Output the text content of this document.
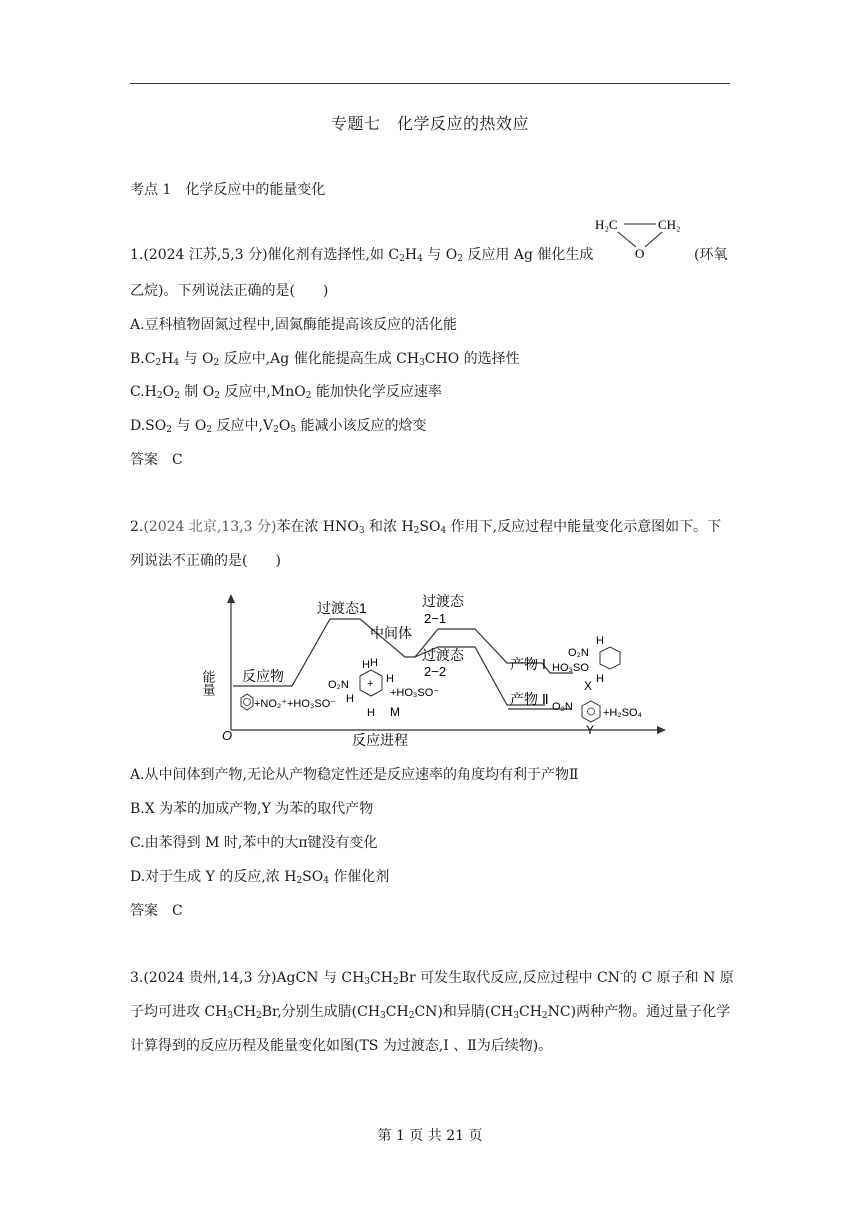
专题七　化学反应的热效应
考点 1　化学反应中的能量变化
1.(2024 江苏,5,3 分)催化剂有选择性,如 $C_2H_4$ 与 $O_2$ 反应用 Ag 催化生成	(环氧
H₂C	CH₂
O
乙烷)。下列说法正确的是(　　)
A.豆科植物固氮过程中,固氮酶能提高该反应的活化能
$B.C_2H_4$ 与 $O_2$ 反应中,Ag 催化能提高生成 $CH_3CHO$ 的选择性
$C.H_2O_2$ 制 $O_2$ 反应中,MnO$_2$ 能加快化学反应速率
$D.SO_2$ 与 $O_2$ 反应中$,V_2O_5$ 能减小该反应的焓变
答案　C
2.(2024 北京,13,3 分)苯在浓 $HNO_3$ 和浓 $H_2SO_4$ 作用下,反应过程中能量变化示意图如下。下
列说法不正确的是(　　)
O	反应进程
能量 反应物
过渡态1
中间体
过渡态
2−1
过渡态
2−2	产物 Ⅰ
产物 Ⅱ
+NO₂⁺+HO₃SO⁻
O₂N +
H H
H
H
H
+HO₃SO⁻
M
H
O₂N
HO₃SO
H
X
O₂N	+H₂SO₄
Y
A.从中间体到产物,无论从产物稳定性还是反应速率的角度均有利于产物Ⅱ
B.X 为苯的加成产物,Y 为苯的取代产物
C.由苯得到 M 时,苯中的大π键没有变化
D.对于生成 Y 的反应,浓 $H_2SO_4$ 作催化剂
答案　C
3.(2024 贵州,14,3 分)AgCN 与 $CH_3CH_2Br$ 可发生取代反应,反应过程中 CN-的 C 原子和 N 原
子均可进攻 $CH_3CH_2Br$,分别生成腈$(CH_3CH_2CN)$和异腈$(CH_3CH_2NC)$两种产物。通过量子化学
计算得到的反应历程及能量变化如图(TS 为过渡态,Ⅰ 、Ⅱ为后续物)。
第 1 页 共 21 页
